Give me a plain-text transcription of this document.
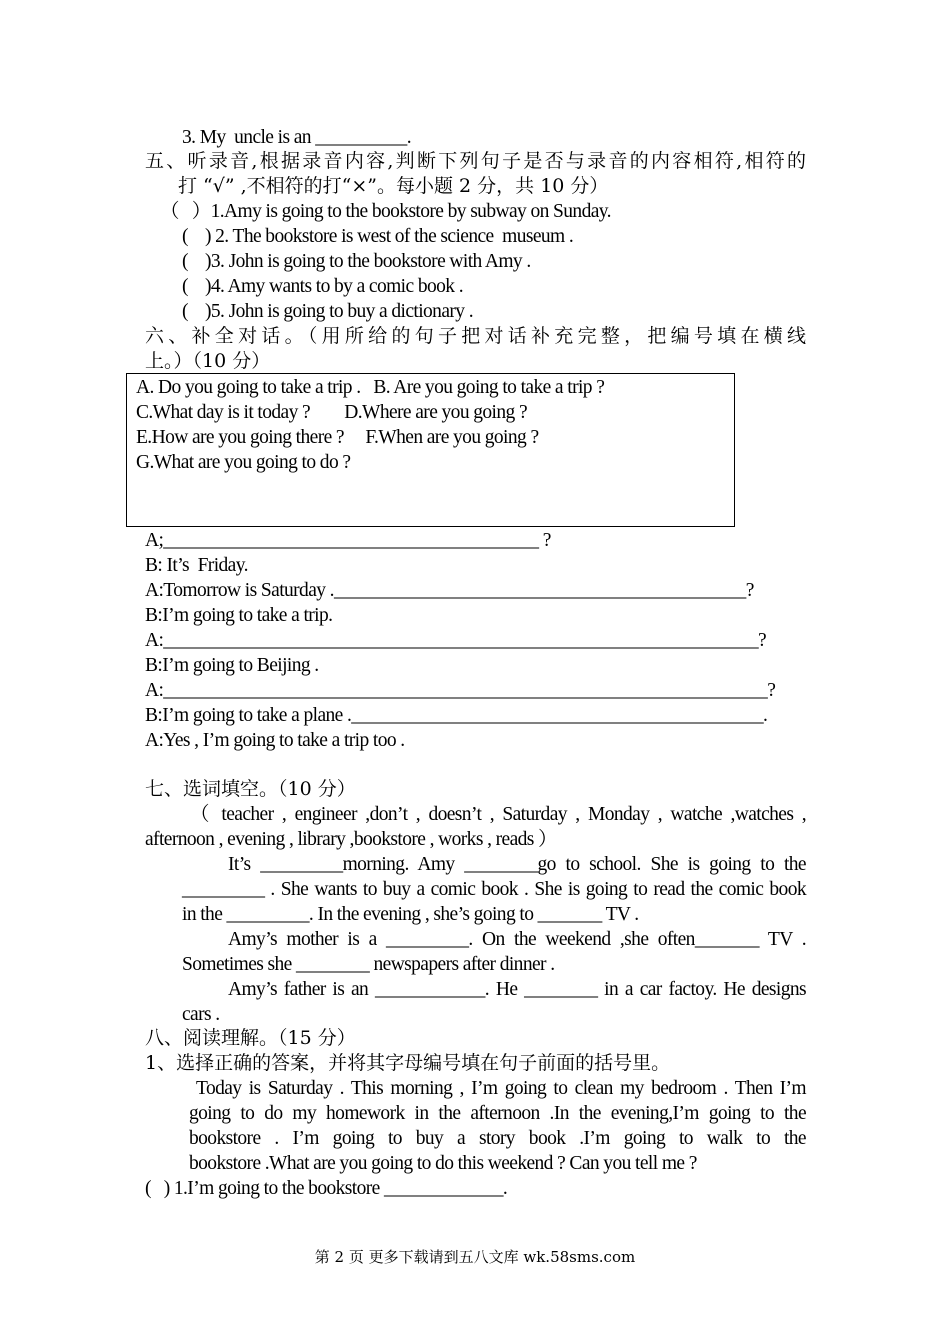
3. My  uncle is an __________.
五、听录音,根据录音内容,判断下列句子是否与录音的内容相符,相符的
打 “√” ,不相符的打“×”。每小题 2 分，共 10 分）
（   ）1.Amy is going to the bookstore by subway on Sunday.
(    ) 2. The bookstore is west of the science  museum .
(    )3. John is going to the bookstore with Amy .
(    )4. Amy wants to by a comic book .
(    )5. John is going to buy a dictionary .
六、补全对话。（用所给的句子把对话补充完整，把编号填在横线
上。）（10 分）
A. Do you going to take a trip .   B. Are you going to take a trip ?
C.What day is it today ?        D.Where are you going ?
E.How are you going there ?     F.When are you going ?
G.What are you going to do ?
A;_________________________________________ ?
B: It’s  Friday.
A:Tomorrow is Saturday ._____________________________________________?
B:I’m going to take a trip.
A:_________________________________________________________________?
B:I’m going to Beijing .
A:__________________________________________________________________?
B:I’m going to take a plane ._____________________________________________.
A:Yes , I’m going to take a trip too .
七、选词填空。（10 分）
（ teacher , engineer ,don’t , doesn’t , Saturday , Monday , watche ,watches ,
afternoon , evening , library ,bookstore , works , reads ）
It’s _________morning. Amy ________go to school. She is going to the
_________ . She wants to buy a comic book . She is going to read the comic book
in the _________. In the evening , she’s going to _______ TV .
Amy’s mother is a _________. On the weekend ,she often_______ TV .
Sometimes she ________ newspapers after dinner .
Amy’s father is an ____________. He ________ in a car factoy. He designs
cars .
八、阅读理解。（15 分）
1、选择正确的答案，并将其字母编号填在句子前面的括号里。
Today is Saturday . This morning , I’m going to clean my bedroom . Then I’m
going to do my homework in the afternoon .In the evening,I’m going to the
bookstore . I’m going to buy a story book .I’m going to walk to the
bookstore .What are you going to do this weekend ? Can you tell me ?
(   ) 1.I’m going to the bookstore _____________.
第 2 页 更多下载请到五八文库 wk.58sms.com
